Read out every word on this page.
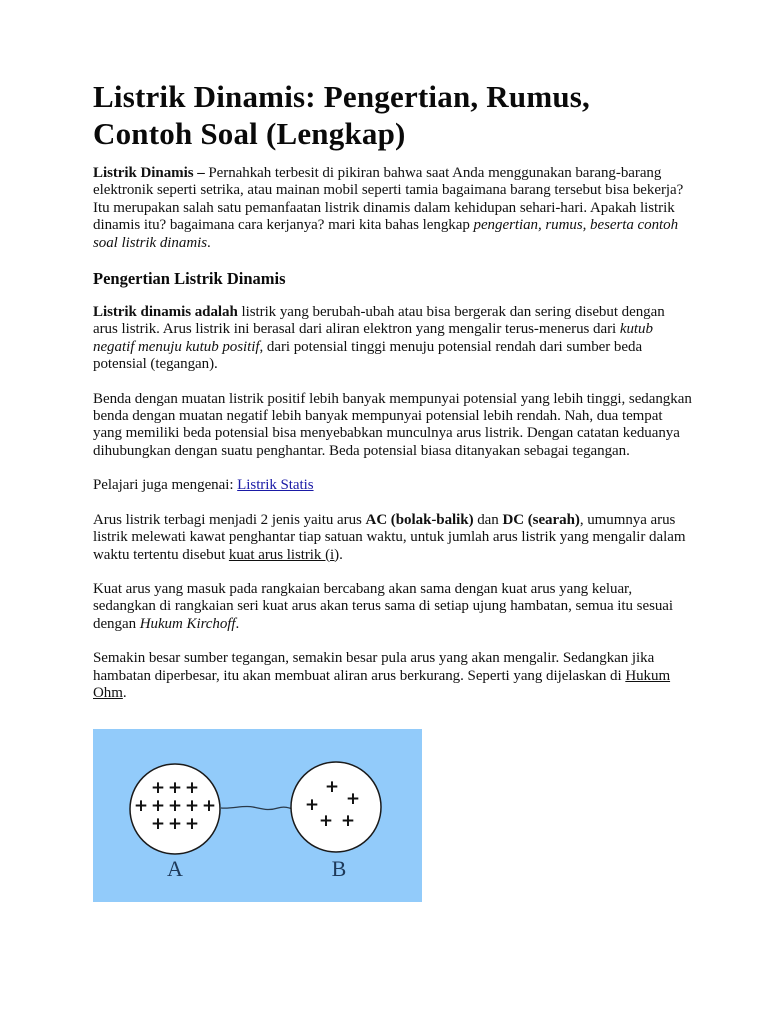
Listrik Dinamis: Pengertian, Rumus,
Contoh Soal (Lengkap)

Listrik Dinamis – Pernahkah terbesit di pikiran bahwa saat Anda menggunakan barang-barang elektronik seperti setrika, atau mainan mobil seperti tamia bagaimana barang tersebut bisa bekerja? Itu merupakan salah satu pemanfaatan listrik dinamis dalam kehidupan sehari-hari. Apakah listrik dinamis itu? bagaimana cara kerjanya? mari kita bahas lengkap pengertian, rumus, beserta contoh soal listrik dinamis.

Pengertian Listrik Dinamis

Listrik dinamis adalah listrik yang berubah-ubah atau bisa bergerak dan sering disebut dengan arus listrik. Arus listrik ini berasal dari aliran elektron yang mengalir terus-menerus dari kutub negatif menuju kutub positif, dari potensial tinggi menuju potensial rendah dari sumber beda potensial (tegangan).

Benda dengan muatan listrik positif lebih banyak mempunyai potensial yang lebih tinggi, sedangkan benda dengan muatan negatif lebih banyak mempunyai potensial lebih rendah. Nah, dua tempat yang memiliki beda potensial bisa menyebabkan munculnya arus listrik. Dengan catatan keduanya dihubungkan dengan suatu penghantar. Beda potensial biasa ditanyakan sebagai tegangan.

Pelajari juga mengenai: Listrik Statis

Arus listrik terbagi menjadi 2 jenis yaitu arus AC (bolak-balik) dan DC (searah), umumnya arus listrik melewati kawat penghantar tiap satuan waktu, untuk jumlah arus listrik yang mengalir dalam waktu tertentu disebut kuat arus listrik (i).

Kuat arus yang masuk pada rangkaian bercabang akan sama dengan kuat arus yang keluar, sedangkan di rangkaian seri kuat arus akan terus sama di setiap ujung hambatan, semua itu sesuai dengan Hukum Kirchoff.

Semakin besar sumber tegangan, semakin besar pula arus yang akan mengalir. Sedangkan jika hambatan diperbesar, itu akan membuat aliran arus berkurang. Seperti yang dijelaskan di Hukum Ohm.

+ + +
+ + + + +
+ + +
+
+
+
+ +
A	B
